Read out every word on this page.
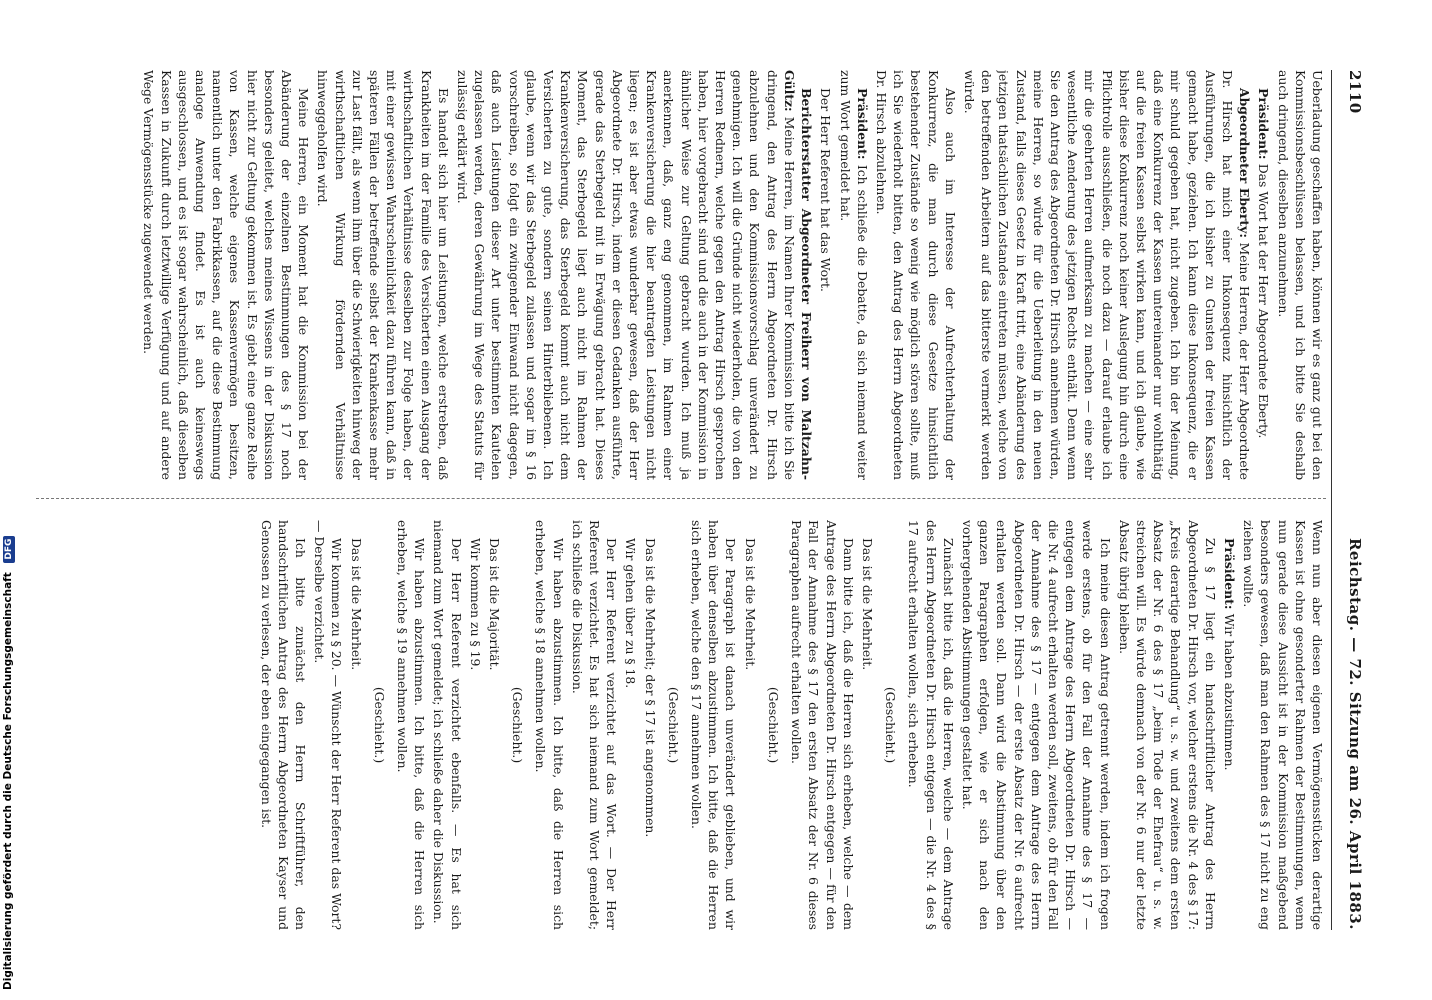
Digitalisierung gefördert durch die Deutsche Forschungsgemeinschaft DFG
2110
Reichstag. — 72. Sitzung am 26. April 1883.

Ueberladung geschaffen haben, können wir es ganz gut bei den Kommissionsbeschlüssen belassen, und ich bitte Sie deshalb auch dringend, dieselben anzunehmen.

Präsident: Das Wort hat der Herr Abgeordnete Eberty.

Abgeordneter Eberty: Meine Herren, der Herr Abgeordnete Dr. Hirsch hat mich einer Inkonsequenz hinsichtlich der Ausführungen, die ich bisher zu Gunsten der freien Kassen gemacht habe, geziehen. Ich kann diese Inkonsequenz, die er mir schuld gegeben hat, nicht zugeben. Ich bin der Meinung, daß eine Konkurrenz der Kassen untereinander nur wohlthätig auf die freien Kassen selbst wirken kann, und ich glaube, wie bisher diese Konkurrenz noch keiner Auslegung hin durch eine Pflichtrolle ausschließen, die noch dazu — darauf erlaube ich mir die geehrten Herren aufmerksam zu machen — eine sehr wesentliche Aenderung des jetzigen Rechts enthält. Denn wenn Sie den Antrag des Abgeordneten Dr. Hirsch annehmen würden, meine Herren, so würde für die Ueberleitung in den neuen Zustand, falls dieses Gesetz in Kraft tritt, eine Abänderung des jetzigen thatsächlichen Zustandes eintreten müssen, welche von den betreffenden Arbeitern auf das bitterste vermerkt werden würde.

Also auch im Interesse der Aufrechterhaltung der Konkurrenz, die man durch diese Gesetze hinsichtlich bestehender Zustände so wenig wie möglich stören sollte, muß ich Sie wiederholt bitten, den Antrag des Herrn Abgeordneten Dr. Hirsch abzulehnen.

Präsident: Ich schließe die Debatte, da sich niemand weiter zum Wort gemeldet hat.

Der Herr Referent hat das Wort.

Berichterstatter Abgeordneter Freiherr von Maltzahn-Gültz: Meine Herren, im Namen Ihrer Kommission bitte ich Sie dringend, den Antrag des Herrn Abgeordneten Dr. Hirsch abzulehnen und den Kommissionsvorschlag unverändert zu genehmigen. Ich will die Gründe nicht wiederholen, die von den Herren Rednern, welche gegen den Antrag Hirsch gesprochen haben, hier vorgebracht sind und die auch in der Kommission in ähnlicher Weise zur Geltung gebracht wurden. Ich muß ja anerkennen, daß, ganz eng genommen, im Rahmen einer Krankenversicherung die hier beantragten Leistungen nicht liegen; es ist aber etwas wunderbar gewesen, daß der Herr Abgeordnete Dr. Hirsch, indem er diesen Gedanken ausführte, gerade das Sterbegeld mit in Erwägung gebracht hat. Dieses Moment, das Sterbegeld liegt auch nicht im Rahmen der Krankenversicherung, das Sterbegeld kommt auch nicht dem Versicherten zu gute, sondern seinen Hinterbliebenen. Ich glaube, wenn wir das Sterbegeld zulassen und sogar im § 16 vorschreiben, so folgt ein zwingender Einwand nicht dagegen, daß auch Leistungen dieser Art unter bestimmten Kautelen zugelassen werden, deren Gewährung im Wege des Statuts für zulässig erklärt wird.

Es handelt sich hier um Leistungen, welche erstreben, daß Krankheiten im der Familie des Versicherten einen Ausgang der wirthschaftlichen Verhältnisse desselben zur Folge haben, der mit einer gewissen Wahrscheinlichkeit dazu führen kann, daß in späteren Fällen der betreffende selbst der Krankenkasse mehr zur Last fällt, als wenn ihm über die Schwierigkeiten hinweg der wirthschaftlichen Wirkung fördernden Verhältnisse hinweggeholfen wird.

Meine Herren, ein Moment hat die Kommission bei der Abänderung der einzelnen Bestimmungen des § 17 noch besonders geleitet, welches meines Wissens in der Diskussion hier nicht zur Geltung gekommen ist. Es giebt eine ganze Reihe von Kassen, welche eigenes Kassenvermögen besitzen, namentlich unter den Fabrikkassen, auf die diese Bestimmung analoge Anwendung findet. Es ist auch keineswegs ausgeschlossen, und es ist sogar wahrscheinlich, daß dieselben Kassen in Zukunft durch letztwillige Verfügung und auf andere Wege Vermögensstücke zugewendet werden.

Wenn nun aber diesen eigenen Vermögensstücken derartige Kassen ist ohne gesonderter Rahmen der Bestimmungen, wenn nun gerade diese Aussicht ist in der Kommission maßgebend besonders gewesen, daß man den Rahmen des § 17 nicht zu eng ziehen wollte.

Präsident: Wir haben abzustimmen.

Zu § 17 liegt ein handschriftlicher Antrag des Herrn Abgeordneten Dr. Hirsch vor, welcher erstens die Nr. 4 des § 17: „Kreis derartige Behandlung“ u. s. w. und zweitens dem ersten Absatz der Nr. 6 des § 17 „beim Tode der Ehefrau“ u. s. w. streichen will. Es würde demnach von der Nr. 6 nur der letzte Absatz übrig bleiben.

Ich meine diesen Antrag getrennt werden, indem ich frogen werde erstens, ob für den Fall der Annahme des § 17 — entgegen dem Antrage des Herrn Abgeordneten Dr. Hirsch — die Nr. 4 aufrecht erhalten werden soll, zweitens, ob für den Fall der Annahme des § 17 — entgegen dem Antrage des Herrn Abgeordneten Dr. Hirsch — der erste Absatz der Nr. 6 aufrecht erhalten werden soll. Dann wird die Abstimmung über den ganzen Paragraphen erfolgen, wie er sich nach den vorhergehenden Abstimmungen gestaltet hat.

Zunächst bitte ich, daß die Herren, welche — dem Antrage des Herrn Abgeordneten Dr. Hirsch entgegen — die Nr. 4 des § 17 aufrecht erhalten wollen, sich erheben.

(Geschieht.)

Das ist die Mehrheit.

Dann bitte ich, daß die Herren sich erheben, welche — dem Antrage des Herrn Abgeordneten Dr. Hirsch entgegen — für den Fall der Annahme des § 17 den ersten Absatz der Nr. 6 dieses Paragraphen aufrecht erhalten wollen.

(Geschieht.)

Das ist die Mehrheit.

Der Paragraph ist danach unverändert geblieben, und wir haben über denselben abzustimmen. Ich bitte, daß die Herren sich erheben, welche den § 17 annehmen wollen.

(Geschieht.)

Das ist die Mehrheit; der § 17 ist angenommen.

Wir gehen über zu § 18.

Der Herr Referent verzichtet auf das Wort. — Der Herr Referent verzichtet. Es hat sich niemand zum Wort gemeldet; ich schließe die Diskussion.

Wir haben abzustimmen. Ich bitte, daß die Herren sich erheben, welche § 18 annehmen wollen.

(Geschieht.)

Das ist die Majorität.

Wir kommen zu § 19.

Der Herr Referent verzichtet ebenfalls. — Es hat sich niemand zum Wort gemeldet; ich schließe daher die Diskussion.

Wir haben abzustimmen. Ich bitte, daß die Herren sich erheben, welche § 19 annehmen wollen.

(Geschieht.)

Das ist die Mehrheit.

Wir kommen zu § 20. — Wünscht der Herr Referent das Wort? — Derselbe verzichtet.

Ich bitte zunächst den Herrn Schriftführer, den handschriftlichen Antrag des Herrn Abgeordneten Kayser und Genossen zu verlesen, der eben eingegangen ist.
